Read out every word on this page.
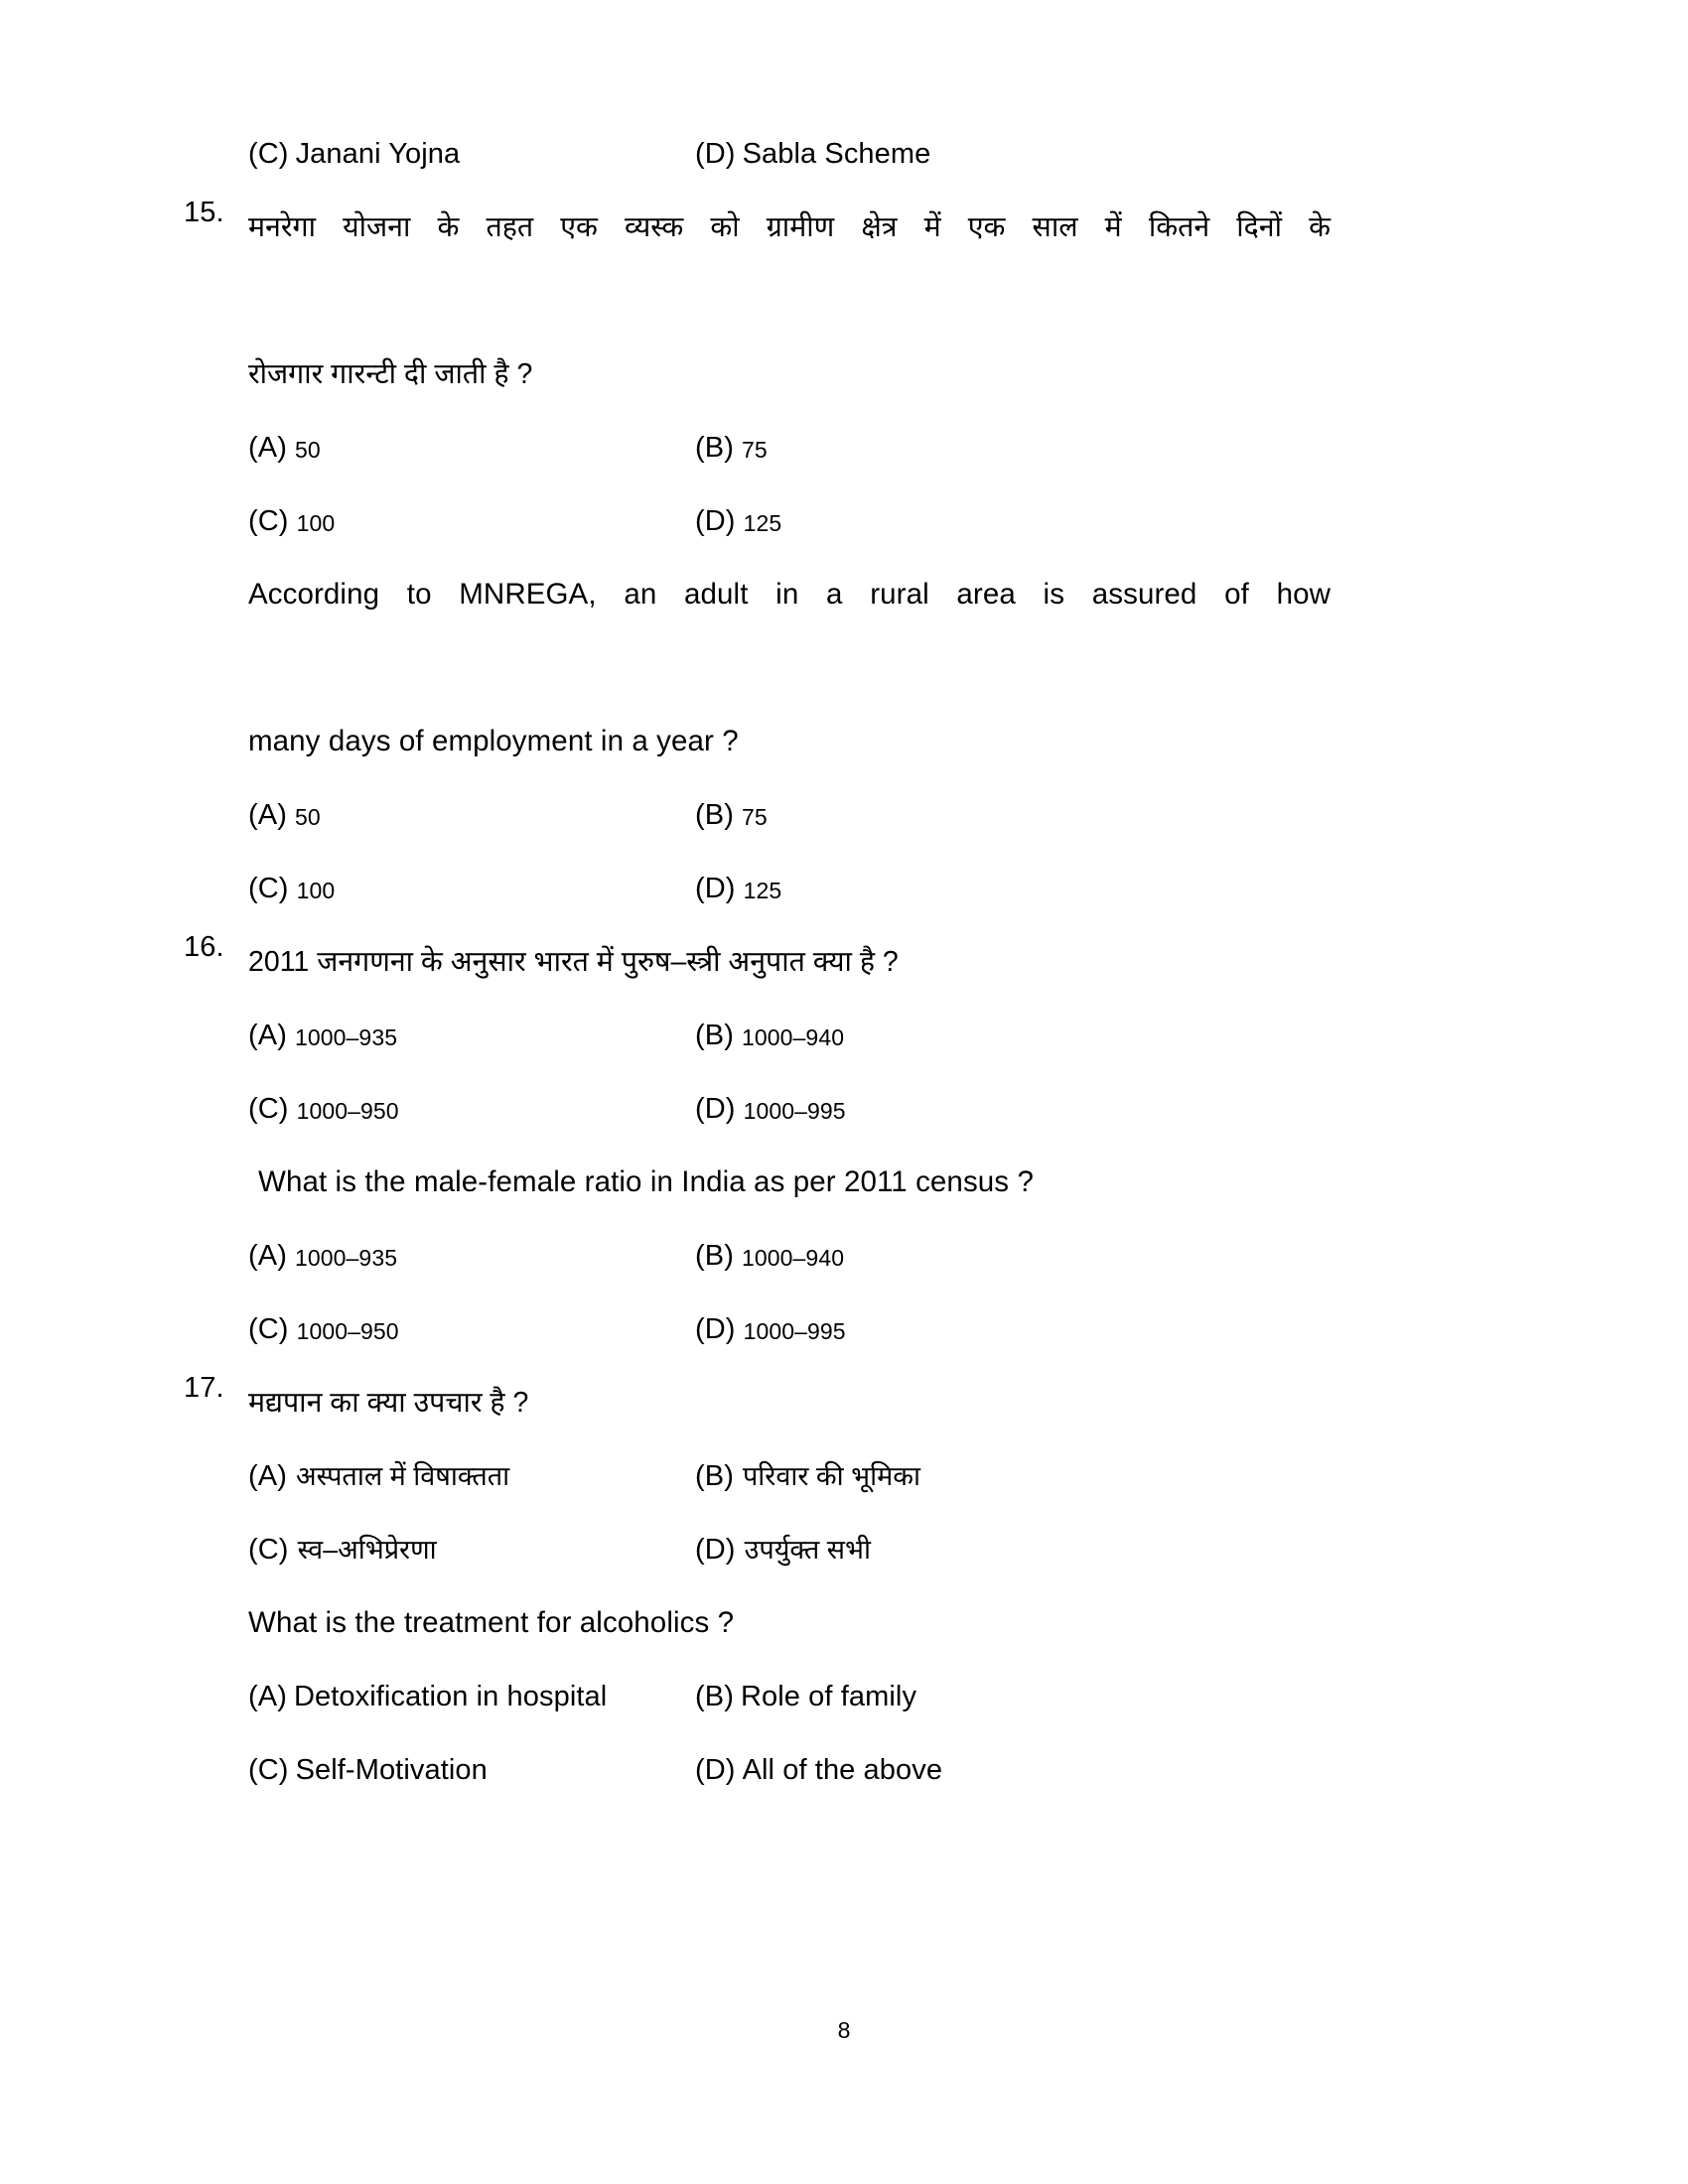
(C) Janani Yojna	(D) Sabla Scheme
15. मनरेगा योजना के तहत एक व्यस्क को ग्रामीण क्षेत्र में एक साल में कितने दिनों के
रोजगार गारन्टी दी जाती है ?
(A) 50	(B) 75
(C) 100	(D) 125
According to MNREGA, an adult in a rural area is assured of how
many days of employment in a year ?
(A) 50	(B) 75
(C) 100	(D) 125
16. 2011 जनगणना के अनुसार भारत में पुरुष–स्त्री अनुपात क्या है ?
(A) 1000–935	(B) 1000–940
(C) 1000–950	(D) 1000–995
What is the male-female ratio in India as per 2011 census ?
(A) 1000–935	(B) 1000–940
(C) 1000–950	(D) 1000–995
17. मद्यपान का क्या उपचार है ?
(A) अस्पताल में विषाक्तता	(B) परिवार की भूमिका
(C) स्व–अभिप्रेरणा	(D) उपर्युक्त सभी
What is the treatment for alcoholics ?
(A) Detoxification in hospital	(B) Role of family
(C) Self-Motivation	(D) All of the above
8
